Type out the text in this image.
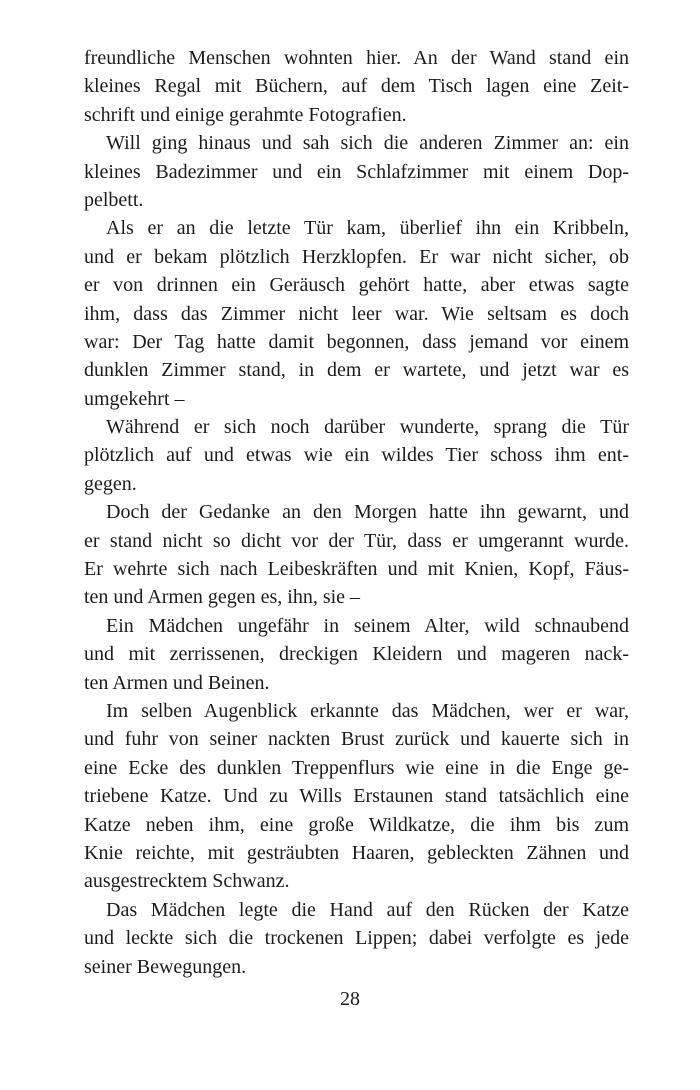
freundliche Menschen wohnten hier. An der Wand stand ein
kleines Regal mit Büchern, auf dem Tisch lagen eine Zeit-
schrift und einige gerahmte Fotografien.

Will ging hinaus und sah sich die anderen Zimmer an: ein
kleines Badezimmer und ein Schlafzimmer mit einem Dop-
pelbett.

Als er an die letzte Tür kam, überlief ihn ein Kribbeln,
und er bekam plötzlich Herzklopfen. Er war nicht sicher, ob
er von drinnen ein Geräusch gehört hatte, aber etwas sagte
ihm, dass das Zimmer nicht leer war. Wie seltsam es doch
war: Der Tag hatte damit begonnen, dass jemand vor einem
dunklen Zimmer stand, in dem er wartete, und jetzt war es
umgekehrt –

Während er sich noch darüber wunderte, sprang die Tür
plötzlich auf und etwas wie ein wildes Tier schoss ihm ent-
gegen.

Doch der Gedanke an den Morgen hatte ihn gewarnt, und
er stand nicht so dicht vor der Tür, dass er umgerannt wurde.
Er wehrte sich nach Leibeskräften und mit Knien, Kopf, Fäus-
ten und Armen gegen es, ihn, sie –

Ein Mädchen ungefähr in seinem Alter, wild schnaubend
und mit zerrissenen, dreckigen Kleidern und mageren nack-
ten Armen und Beinen.

Im selben Augenblick erkannte das Mädchen, wer er war,
und fuhr von seiner nackten Brust zurück und kauerte sich in
eine Ecke des dunklen Treppenflurs wie eine in die Enge ge-
triebene Katze. Und zu Wills Erstaunen stand tatsächlich eine
Katze neben ihm, eine große Wildkatze, die ihm bis zum
Knie reichte, mit gesträubten Haaren, gebleckten Zähnen und
ausgestrecktem Schwanz.

Das Mädchen legte die Hand auf den Rücken der Katze
und leckte sich die trockenen Lippen; dabei verfolgte es jede
seiner Bewegungen.

28
